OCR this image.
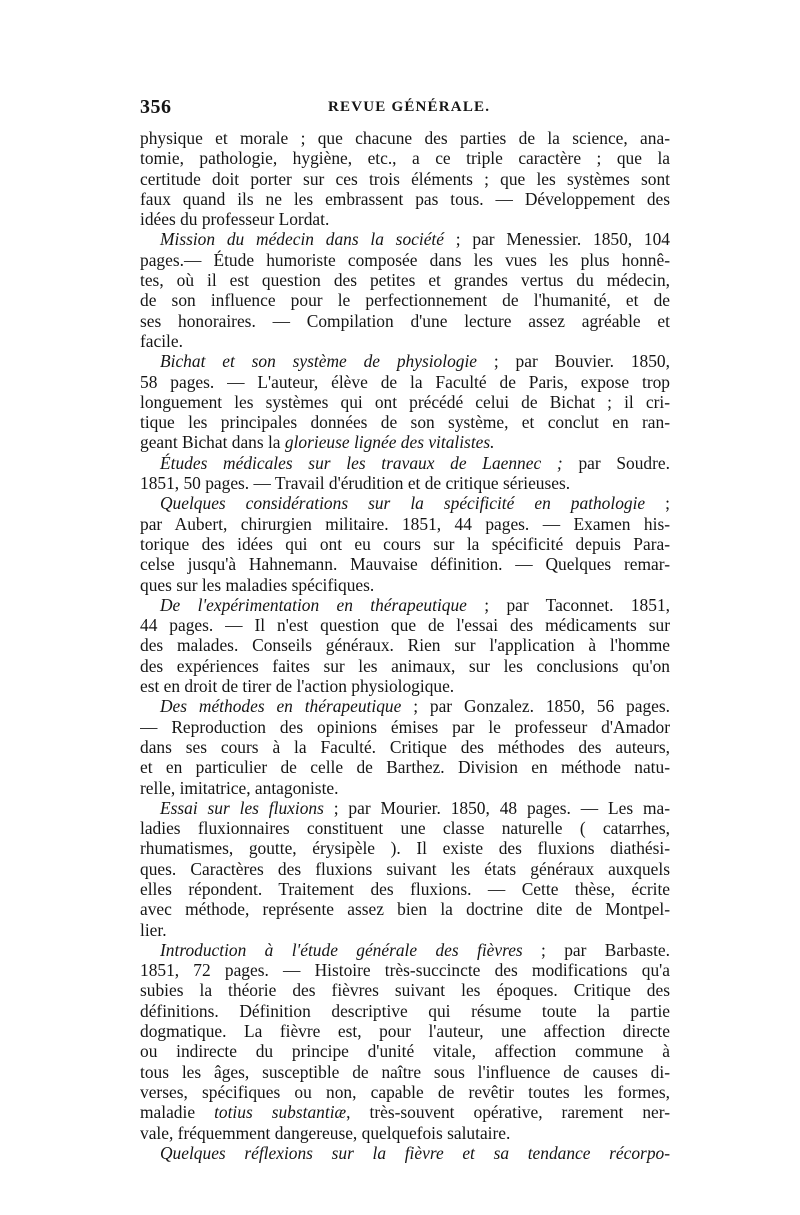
356	REVUE GÉNÉRALE.
physique et morale ; que chacune des parties de la science, ana-
tomie, pathologie, hygiène, etc., a ce triple caractère ; que la
certitude doit porter sur ces trois éléments ; que les systèmes sont
faux quand ils ne les embrassent pas tous. — Développement des
idées du professeur Lordat.
Mission du médecin dans la société ; par Menessier. 1850, 104
pages.— Étude humoriste composée dans les vues les plus honnê-
tes, où il est question des petites et grandes vertus du médecin,
de son influence pour le perfectionnement de l'humanité, et de
ses honoraires. — Compilation d'une lecture assez agréable et
facile.
Bichat et son système de physiologie ; par Bouvier. 1850,
58 pages. — L'auteur, élève de la Faculté de Paris, expose trop
longuement les systèmes qui ont précédé celui de Bichat ; il cri-
tique les principales données de son système, et conclut en ran-
geant Bichat dans la glorieuse lignée des vitalistes.
Études médicales sur les travaux de Laennec ; par Soudre.
1851, 50 pages. — Travail d'érudition et de critique sérieuses.
Quelques considérations sur la spécificité en pathologie ;
par Aubert, chirurgien militaire. 1851, 44 pages. — Examen his-
torique des idées qui ont eu cours sur la spécificité depuis Para-
celse jusqu'à Hahnemann. Mauvaise définition. — Quelques remar-
ques sur les maladies spécifiques.
De l'expérimentation en thérapeutique ; par Taconnet. 1851,
44 pages. — Il n'est question que de l'essai des médicaments sur
des malades. Conseils généraux. Rien sur l'application à l'homme
des expériences faites sur les animaux, sur les conclusions qu'on
est en droit de tirer de l'action physiologique.
Des méthodes en thérapeutique ; par Gonzalez. 1850, 56 pages.
— Reproduction des opinions émises par le professeur d'Amador
dans ses cours à la Faculté. Critique des méthodes des auteurs,
et en particulier de celle de Barthez. Division en méthode natu-
relle, imitatrice, antagoniste.
Essai sur les fluxions ; par Mourier. 1850, 48 pages. — Les ma-
ladies fluxionnaires constituent une classe naturelle ( catarrhes,
rhumatismes, goutte, érysipèle ). Il existe des fluxions diathési-
ques. Caractères des fluxions suivant les états généraux auxquels
elles répondent. Traitement des fluxions. — Cette thèse, écrite
avec méthode, représente assez bien la doctrine dite de Montpel-
lier.
Introduction à l'étude générale des fièvres ; par Barbaste.
1851, 72 pages. — Histoire très-succincte des modifications qu'a
subies la théorie des fièvres suivant les époques. Critique des
définitions. Définition descriptive qui résume toute la partie
dogmatique. La fièvre est, pour l'auteur, une affection directe
ou indirecte du principe d'unité vitale, affection commune à
tous les âges, susceptible de naître sous l'influence de causes di-
verses, spécifiques ou non, capable de revêtir toutes les formes,
maladie totius substantiæ, très-souvent opérative, rarement ner-
vale, fréquemment dangereuse, quelquefois salutaire.
Quelques réflexions sur la fièvre et sa tendance récorpo-
